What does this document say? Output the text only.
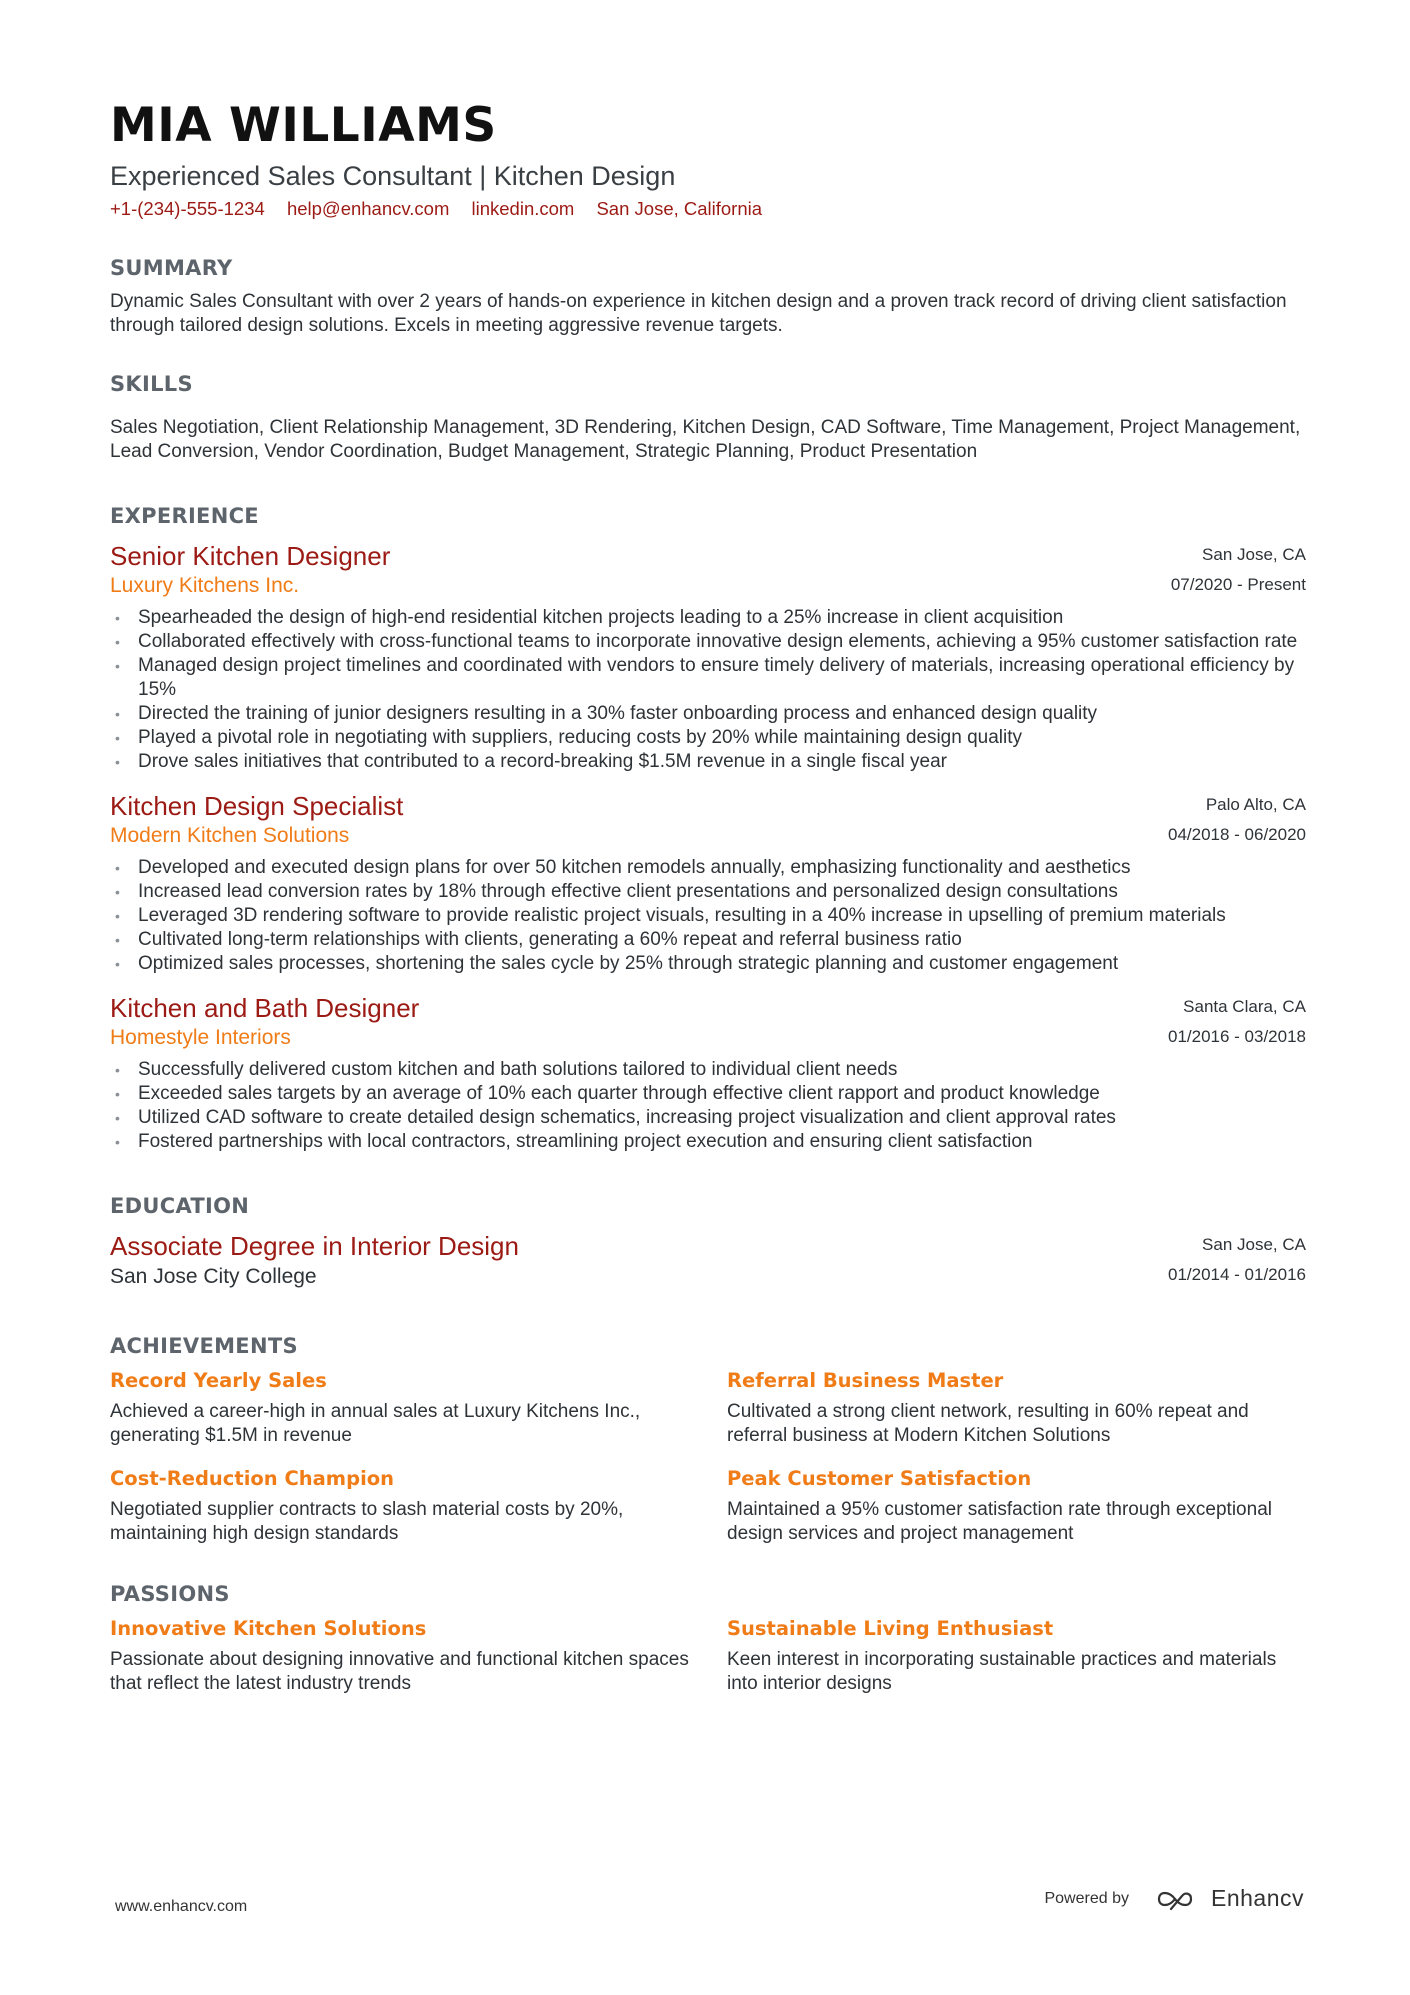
MIA WILLIAMS
Experienced Sales Consultant | Kitchen Design
+1-(234)-555-1234 help@enhancv.com linkedin.com San Jose, California
SUMMARY
Dynamic Sales Consultant with over 2 years of hands-on experience in kitchen design and a proven track record of driving client satisfaction through tailored design solutions. Excels in meeting aggressive revenue targets.
SKILLS
Sales Negotiation, Client Relationship Management, 3D Rendering, Kitchen Design, CAD Software, Time Management, Project Management, Lead Conversion, Vendor Coordination, Budget Management, Strategic Planning, Product Presentation
EXPERIENCE
Senior Kitchen Designer
Luxury Kitchens Inc.
San Jose, CA
07/2020 - Present
• Spearheaded the design of high-end residential kitchen projects leading to a 25% increase in client acquisition
• Collaborated effectively with cross-functional teams to incorporate innovative design elements, achieving a 95% customer satisfaction rate
• Managed design project timelines and coordinated with vendors to ensure timely delivery of materials, increasing operational efficiency by 15%
• Directed the training of junior designers resulting in a 30% faster onboarding process and enhanced design quality
• Played a pivotal role in negotiating with suppliers, reducing costs by 20% while maintaining design quality
• Drove sales initiatives that contributed to a record-breaking $1.5M revenue in a single fiscal year
Kitchen Design Specialist
Modern Kitchen Solutions
Palo Alto, CA
04/2018 - 06/2020
• Developed and executed design plans for over 50 kitchen remodels annually, emphasizing functionality and aesthetics
• Increased lead conversion rates by 18% through effective client presentations and personalized design consultations
• Leveraged 3D rendering software to provide realistic project visuals, resulting in a 40% increase in upselling of premium materials
• Cultivated long-term relationships with clients, generating a 60% repeat and referral business ratio
• Optimized sales processes, shortening the sales cycle by 25% through strategic planning and customer engagement
Kitchen and Bath Designer
Homestyle Interiors
Santa Clara, CA
01/2016 - 03/2018
• Successfully delivered custom kitchen and bath solutions tailored to individual client needs
• Exceeded sales targets by an average of 10% each quarter through effective client rapport and product knowledge
• Utilized CAD software to create detailed design schematics, increasing project visualization and client approval rates
• Fostered partnerships with local contractors, streamlining project execution and ensuring client satisfaction
EDUCATION
Associate Degree in Interior Design
San Jose City College
San Jose, CA
01/2014 - 01/2016
ACHIEVEMENTS
Record Yearly Sales
Achieved a career-high in annual sales at Luxury Kitchens Inc., generating $1.5M in revenue
Referral Business Master
Cultivated a strong client network, resulting in 60% repeat and referral business at Modern Kitchen Solutions
Cost-Reduction Champion
Negotiated supplier contracts to slash material costs by 20%, maintaining high design standards
Peak Customer Satisfaction
Maintained a 95% customer satisfaction rate through exceptional design services and project management
PASSIONS
Innovative Kitchen Solutions
Passionate about designing innovative and functional kitchen spaces that reflect the latest industry trends
Sustainable Living Enthusiast
Keen interest in incorporating sustainable practices and materials into interior designs
www.enhancv.com	Powered by	Enhancv
